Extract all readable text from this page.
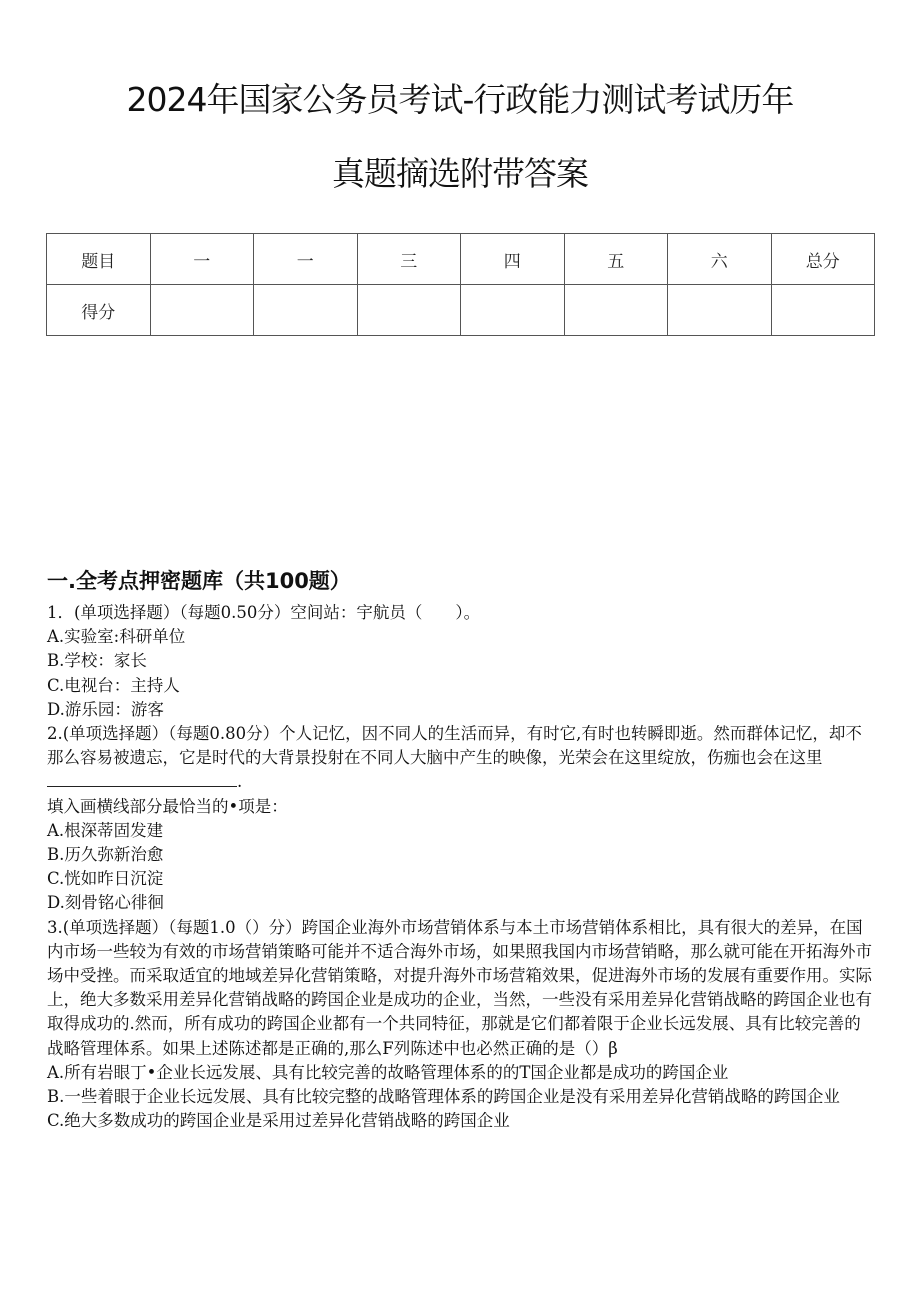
2024年国家公务员考试-行政能力测试考试历年
真题摘选附带答案
题目	一	一	三	四	五	六	总分
得分							
一.全考点押密题库（共100题）

1．(单项选择题）（每题0.50分）空间站：宇航员（　　）。

A.实验室:科研单位

B.学校：家长

C.电视台：主持人

D.游乐园：游客

2.(单项选择题）（每题0.80分）个人记忆，因不同人的生活而异，有时它,有时也转瞬即逝。然而群体记忆，却不那么容易被遗忘，它是时代的大背景投射在不同人大脑中产生的映像，光荣会在这里绽放，伤痂也会在这里.

填入画横线部分最恰当的•项是：

A.根深蒂固发建

B.历久弥新治愈

C.恍如昨日沉淀

D.刻骨铭心徘徊

3.(单项选择题）（每题1.0（）分）跨国企业海外市场营销体系与本土市场营销体系相比，具有很大的差异，在国内市场一些较为有效的市场营销策略可能并不适合海外市场，如果照我国内市场营销略，那么就可能在开拓海外市场中受挫。而采取适宜的地域差异化营销策略，对提升海外市场营箱效果，促进海外市场的发展有重要作用。实际上，绝大多数采用差异化营销战略的跨国企业是成功的企业，当然，一些没有采用差异化营销战略的跨国企业也有取得成功的.然而，所有成功的跨国企业都有一个共同特征，那就是它们都着限于企业长远发展、具有比较完善的战略管理体系。如果上述陈述都是正确的,那么F列陈述中也必然正确的是（）β

A.所有岩眼丁•企业长远发展、具有比较完善的故略管理体系的的T国企业都是成功的跨国企业

B.一些着眼于企业长远发展、具有比较完整的战略管理体系的跨国企业是没有采用差异化营销战略的跨国企业

C.绝大多数成功的跨国企业是采用过差异化营销战略的跨国企业
